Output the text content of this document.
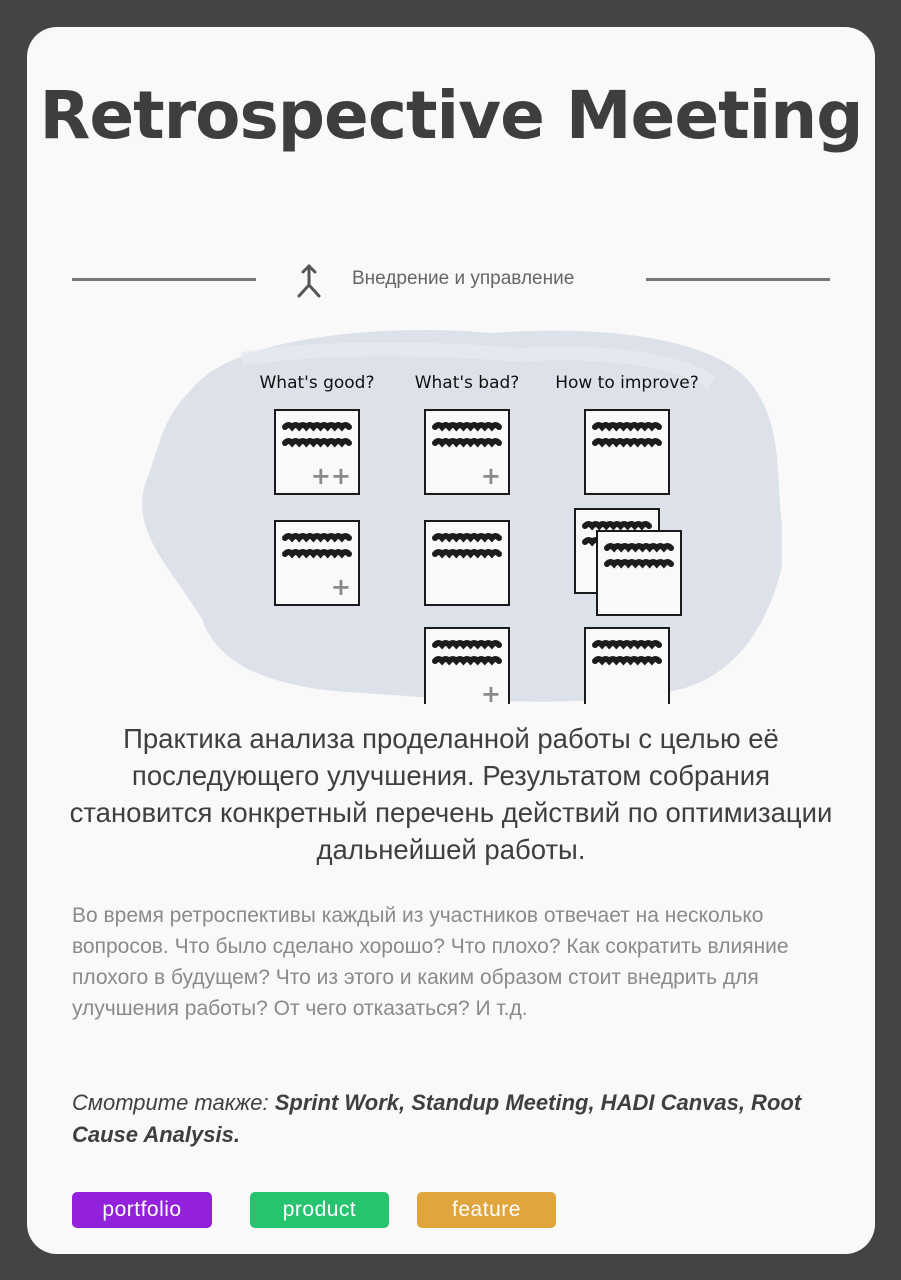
Retrospective Meeting
Внедрение и управление
What's good? What's bad? How to improve?
++
+
+
+

Практика анализа проделанной работы с целью её последующего улучшения. Результатом собрания становится конкретный перечень действий по оптимизации дальнейшей работы.

Во время ретроспективы каждый из участников отвечает на несколько вопросов. Что было сделано хорошо? Что плохо? Как сократить влияние плохого в будущем? Что из этого и каким образом стоит внедрить для улучшения работы? От чего отказаться? И т.д.

Смотрите также: Sprint Work, Standup Meeting, HADI Canvas, Root Cause Analysis.

portfolio	product	feature
